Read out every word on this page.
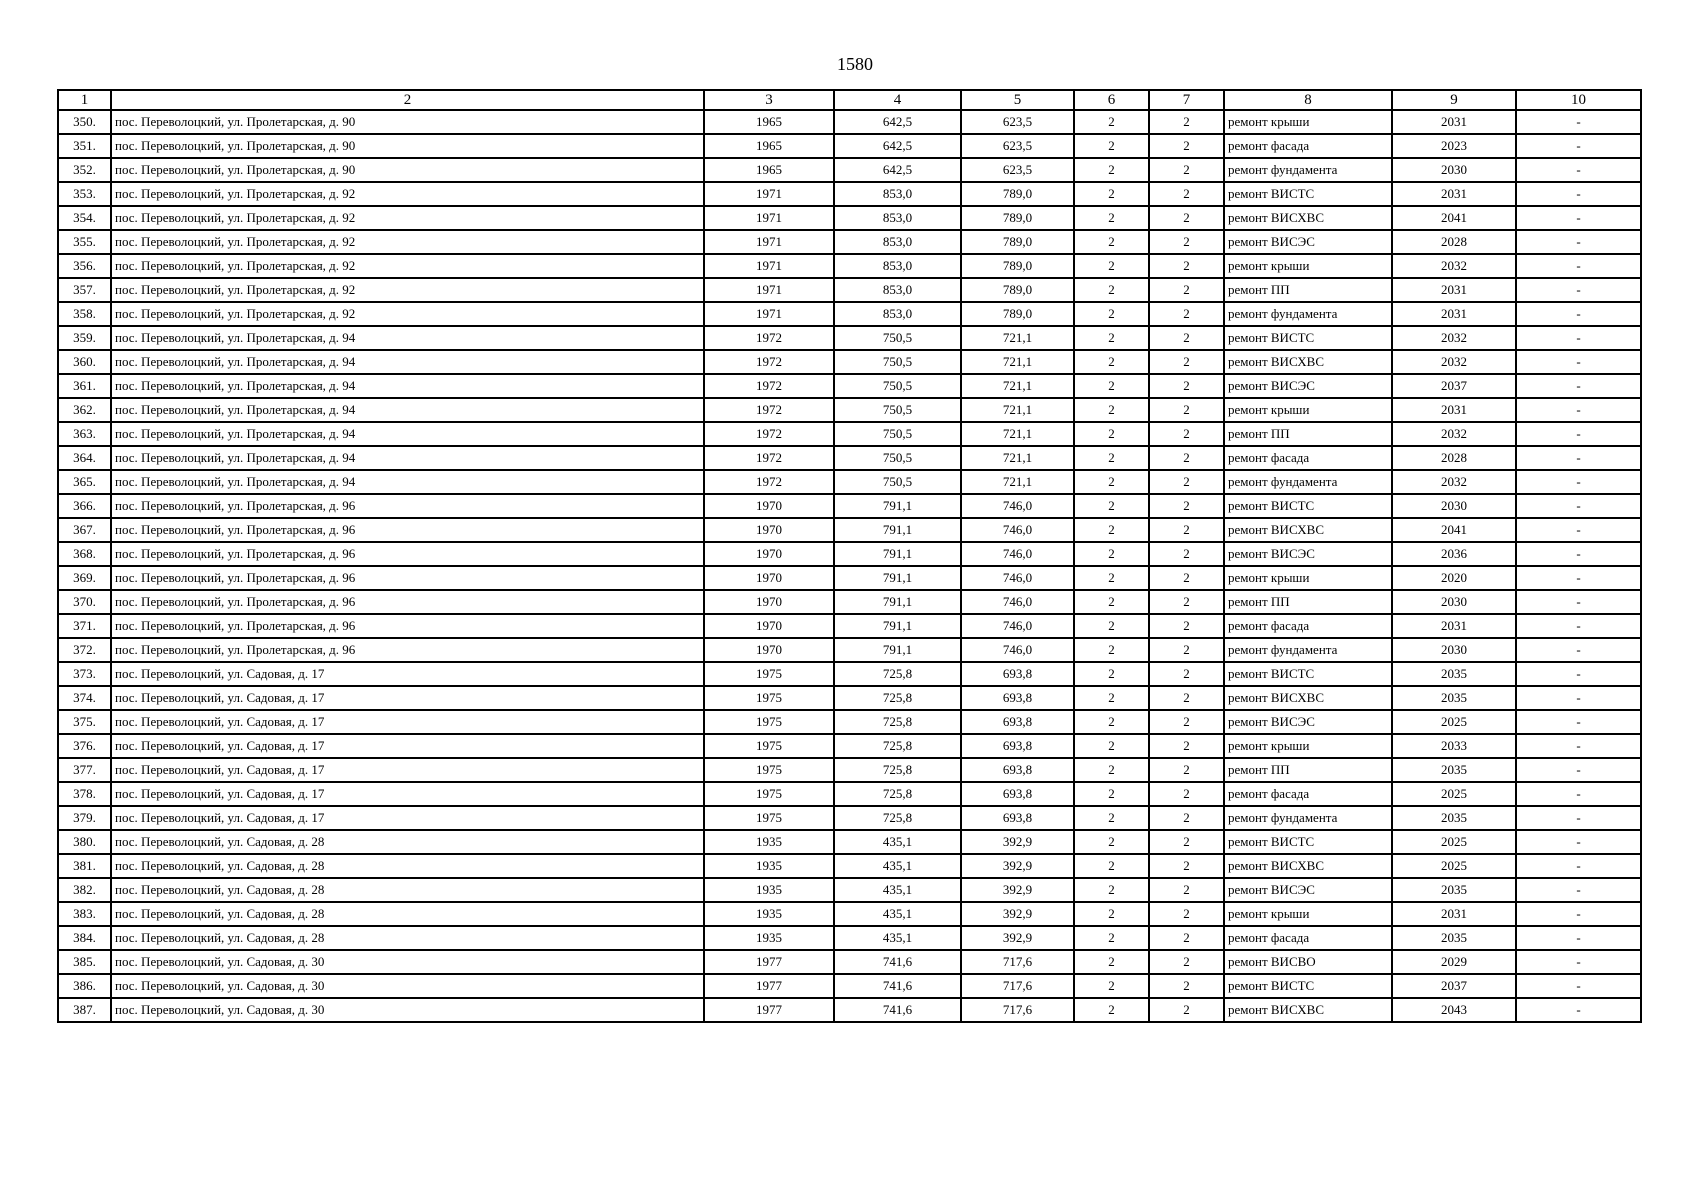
1580
1	2	3	4	5	6	7	8	9	10
350.	пос. Переволоцкий, ул. Пролетарская, д. 90	1965	642,5	623,5	2	2	ремонт крыши	2031	-
351.	пос. Переволоцкий, ул. Пролетарская, д. 90	1965	642,5	623,5	2	2	ремонт фасада	2023	-
352.	пос. Переволоцкий, ул. Пролетарская, д. 90	1965	642,5	623,5	2	2	ремонт фундамента	2030	-
353.	пос. Переволоцкий, ул. Пролетарская, д. 92	1971	853,0	789,0	2	2	ремонт ВИСТС	2031	-
354.	пос. Переволоцкий, ул. Пролетарская, д. 92	1971	853,0	789,0	2	2	ремонт ВИСХВС	2041	-
355.	пос. Переволоцкий, ул. Пролетарская, д. 92	1971	853,0	789,0	2	2	ремонт ВИСЭС	2028	-
356.	пос. Переволоцкий, ул. Пролетарская, д. 92	1971	853,0	789,0	2	2	ремонт крыши	2032	-
357.	пос. Переволоцкий, ул. Пролетарская, д. 92	1971	853,0	789,0	2	2	ремонт ПП	2031	-
358.	пос. Переволоцкий, ул. Пролетарская, д. 92	1971	853,0	789,0	2	2	ремонт фундамента	2031	-
359.	пос. Переволоцкий, ул. Пролетарская, д. 94	1972	750,5	721,1	2	2	ремонт ВИСТС	2032	-
360.	пос. Переволоцкий, ул. Пролетарская, д. 94	1972	750,5	721,1	2	2	ремонт ВИСХВС	2032	-
361.	пос. Переволоцкий, ул. Пролетарская, д. 94	1972	750,5	721,1	2	2	ремонт ВИСЭС	2037	-
362.	пос. Переволоцкий, ул. Пролетарская, д. 94	1972	750,5	721,1	2	2	ремонт крыши	2031	-
363.	пос. Переволоцкий, ул. Пролетарская, д. 94	1972	750,5	721,1	2	2	ремонт ПП	2032	-
364.	пос. Переволоцкий, ул. Пролетарская, д. 94	1972	750,5	721,1	2	2	ремонт фасада	2028	-
365.	пос. Переволоцкий, ул. Пролетарская, д. 94	1972	750,5	721,1	2	2	ремонт фундамента	2032	-
366.	пос. Переволоцкий, ул. Пролетарская, д. 96	1970	791,1	746,0	2	2	ремонт ВИСТС	2030	-
367.	пос. Переволоцкий, ул. Пролетарская, д. 96	1970	791,1	746,0	2	2	ремонт ВИСХВС	2041	-
368.	пос. Переволоцкий, ул. Пролетарская, д. 96	1970	791,1	746,0	2	2	ремонт ВИСЭС	2036	-
369.	пос. Переволоцкий, ул. Пролетарская, д. 96	1970	791,1	746,0	2	2	ремонт крыши	2020	-
370.	пос. Переволоцкий, ул. Пролетарская, д. 96	1970	791,1	746,0	2	2	ремонт ПП	2030	-
371.	пос. Переволоцкий, ул. Пролетарская, д. 96	1970	791,1	746,0	2	2	ремонт фасада	2031	-
372.	пос. Переволоцкий, ул. Пролетарская, д. 96	1970	791,1	746,0	2	2	ремонт фундамента	2030	-
373.	пос. Переволоцкий, ул. Садовая, д. 17	1975	725,8	693,8	2	2	ремонт ВИСТС	2035	-
374.	пос. Переволоцкий, ул. Садовая, д. 17	1975	725,8	693,8	2	2	ремонт ВИСХВС	2035	-
375.	пос. Переволоцкий, ул. Садовая, д. 17	1975	725,8	693,8	2	2	ремонт ВИСЭС	2025	-
376.	пос. Переволоцкий, ул. Садовая, д. 17	1975	725,8	693,8	2	2	ремонт крыши	2033	-
377.	пос. Переволоцкий, ул. Садовая, д. 17	1975	725,8	693,8	2	2	ремонт ПП	2035	-
378.	пос. Переволоцкий, ул. Садовая, д. 17	1975	725,8	693,8	2	2	ремонт фасада	2025	-
379.	пос. Переволоцкий, ул. Садовая, д. 17	1975	725,8	693,8	2	2	ремонт фундамента	2035	-
380.	пос. Переволоцкий, ул. Садовая, д. 28	1935	435,1	392,9	2	2	ремонт ВИСТС	2025	-
381.	пос. Переволоцкий, ул. Садовая, д. 28	1935	435,1	392,9	2	2	ремонт ВИСХВС	2025	-
382.	пос. Переволоцкий, ул. Садовая, д. 28	1935	435,1	392,9	2	2	ремонт ВИСЭС	2035	-
383.	пос. Переволоцкий, ул. Садовая, д. 28	1935	435,1	392,9	2	2	ремонт крыши	2031	-
384.	пос. Переволоцкий, ул. Садовая, д. 28	1935	435,1	392,9	2	2	ремонт фасада	2035	-
385.	пос. Переволоцкий, ул. Садовая, д. 30	1977	741,6	717,6	2	2	ремонт ВИСВО	2029	-
386.	пос. Переволоцкий, ул. Садовая, д. 30	1977	741,6	717,6	2	2	ремонт ВИСТС	2037	-
387.	пос. Переволоцкий, ул. Садовая, д. 30	1977	741,6	717,6	2	2	ремонт ВИСХВС	2043	-
